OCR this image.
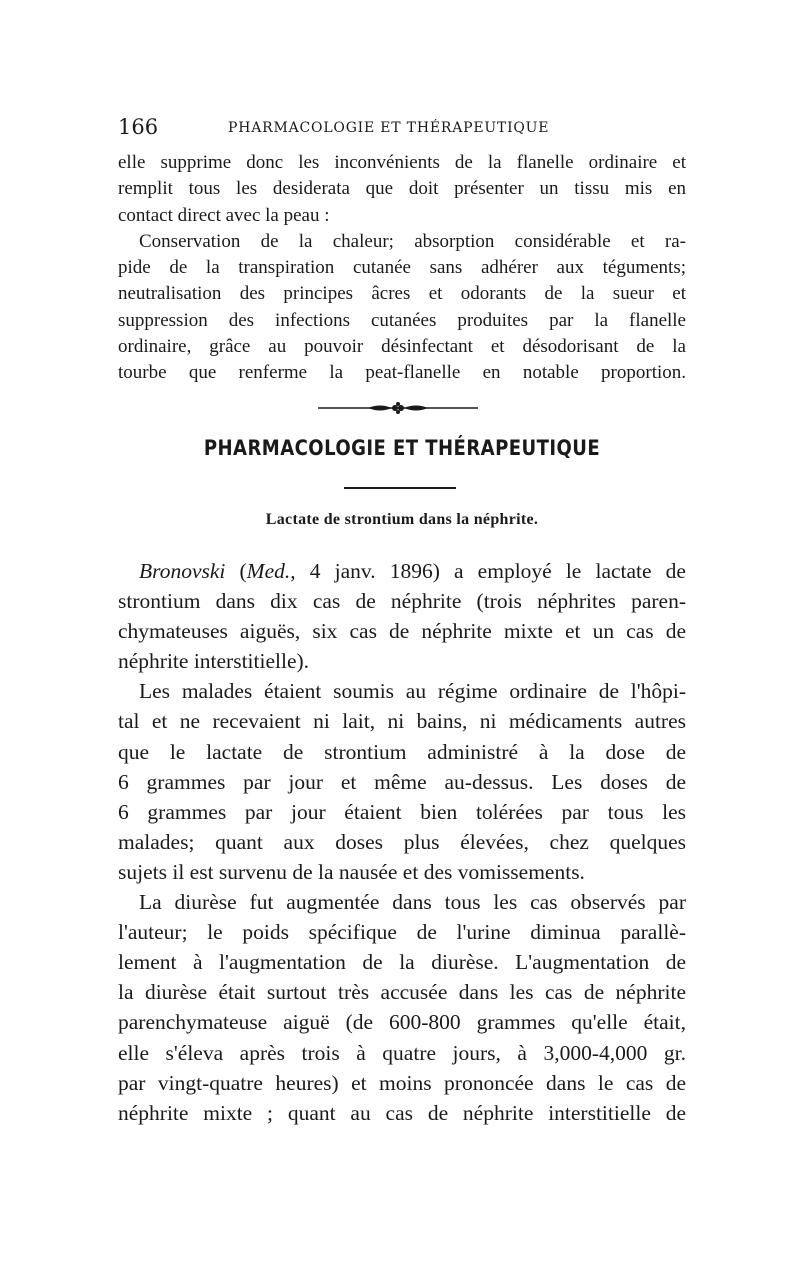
166	PHARMACOLOGIE ET THÉRAPEUTIQUE
elle supprime donc les inconvénients de la flanelle ordinaire et
remplit tous les desiderata que doit présenter un tissu mis en
contact direct avec la peau :
Conservation de la chaleur; absorption considérable et ra-
pide de la transpiration cutanée sans adhérer aux téguments;
neutralisation des principes âcres et odorants de la sueur et
suppression des infections cutanées produites par la flanelle
ordinaire, grâce au pouvoir désinfectant et désodorisant de la
tourbe que renferme la peat-flanelle en notable proportion.
PHARMACOLOGIE ET THÉRAPEUTIQUE
Lactate de strontium dans la néphrite.
Bronovski (Med., 4 janv. 1896) a employé le lactate de
strontium dans dix cas de néphrite (trois néphrites paren-
chymateuses aiguës, six cas de néphrite mixte et un cas de
néphrite interstitielle).
Les malades étaient soumis au régime ordinaire de l'hôpi-
tal et ne recevaient ni lait, ni bains, ni médicaments autres
que le lactate de strontium administré à la dose de
6 grammes par jour et même au-dessus. Les doses de
6 grammes par jour étaient bien tolérées par tous les
malades; quant aux doses plus élevées, chez quelques
sujets il est survenu de la nausée et des vomissements.
La diurèse fut augmentée dans tous les cas observés par
l'auteur; le poids spécifique de l'urine diminua parallè-
lement à l'augmentation de la diurèse. L'augmentation de
la diurèse était surtout très accusée dans les cas de néphrite
parenchymateuse aiguë (de 600-800 grammes qu'elle était,
elle s'éleva après trois à quatre jours, à 3,000-4,000 gr.
par vingt-quatre heures) et moins prononcée dans le cas de
néphrite mixte ; quant au cas de néphrite interstitielle de
